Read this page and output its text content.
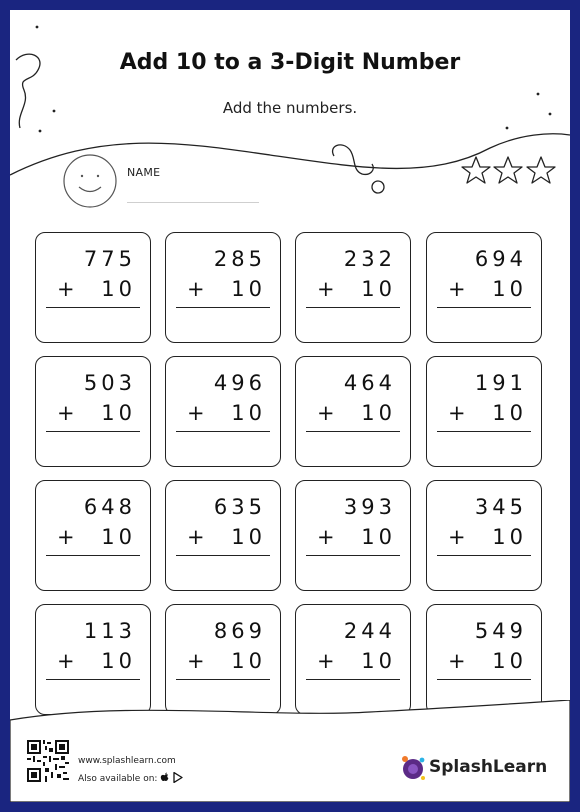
Add 10 to a 3-Digit Number
Add the numbers.
NAME
775
+ 10
285
+ 10
232
+ 10
694
+ 10
503
+ 10
496
+ 10
464
+ 10
191
+ 10
648
+ 10
635
+ 10
393
+ 10
345
+ 10
113
+ 10
869
+ 10
244
+ 10
549
+ 10
www.splashlearn.com
Also available on:
SplashLearn
